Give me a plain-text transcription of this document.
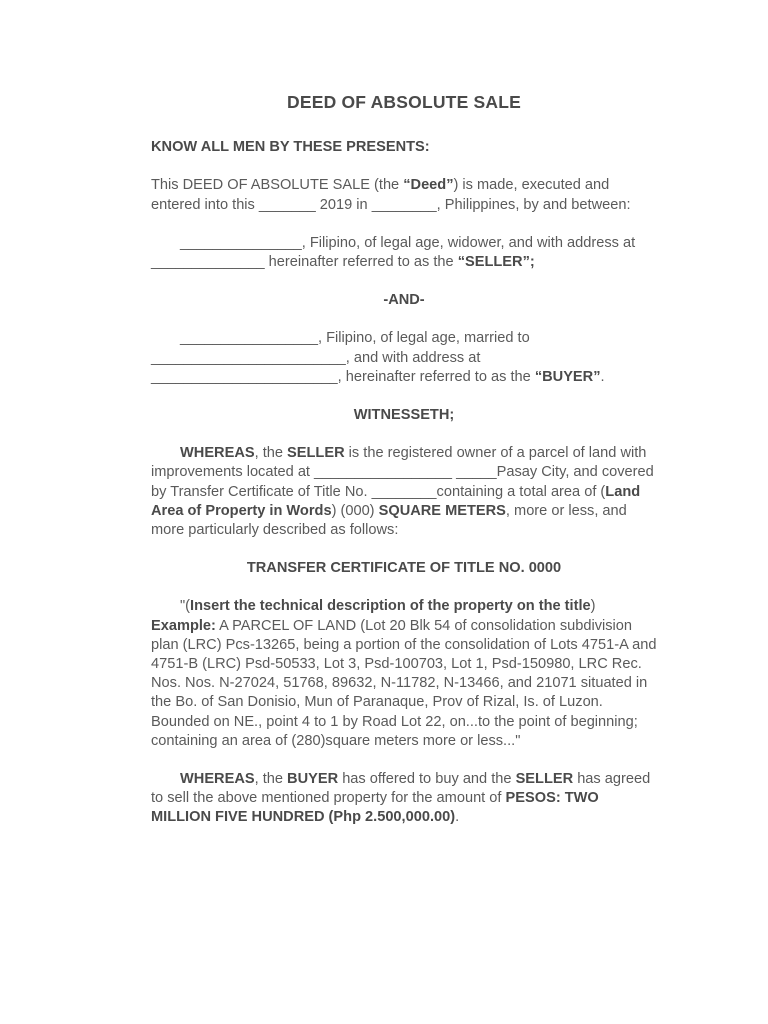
DEED OF ABSOLUTE SALE

KNOW ALL MEN BY THESE PRESENTS:

This DEED OF ABSOLUTE SALE (the “Deed”) is made, executed and entered into this _______ 2019 in ________, Philippines, by and between:

_______________, Filipino, of legal age, widower, and with address at ______________ hereinafter referred to as the “SELLER”;

-AND-

_________________, Filipino, of legal age, married to ________________________, and with address at _______________________, hereinafter referred to as the “BUYER”.

WITNESSETH;

WHEREAS, the SELLER is the registered owner of a parcel of land with improvements located at _________________ _____Pasay City, and covered by Transfer Certificate of Title No. ________containing a total area of (Land Area of Property in Words) (000) SQUARE METERS, more or less, and more particularly described as follows:

TRANSFER CERTIFICATE OF TITLE NO. 0000

"(Insert the technical description of the property on the title) Example: A PARCEL OF LAND (Lot 20 Blk 54 of consolidation subdivision plan (LRC) Pcs-13265, being a portion of the consolidation of Lots 4751-A and 4751-B (LRC) Psd-50533, Lot 3, Psd-100703, Lot 1, Psd-150980, LRC Rec. Nos. Nos. N-27024, 51768, 89632, N-11782, N-13466, and 21071 situated in the Bo. of San Donisio, Mun of Paranaque, Prov of Rizal, Is. of Luzon. Bounded on NE., point 4 to 1 by Road Lot 22, on...to the point of beginning; containing an area of (280)square meters more or less..."

WHEREAS, the BUYER has offered to buy and the SELLER has agreed to sell the above mentioned property for the amount of PESOS: TWO MILLION FIVE HUNDRED (Php 2.500,000.00).
